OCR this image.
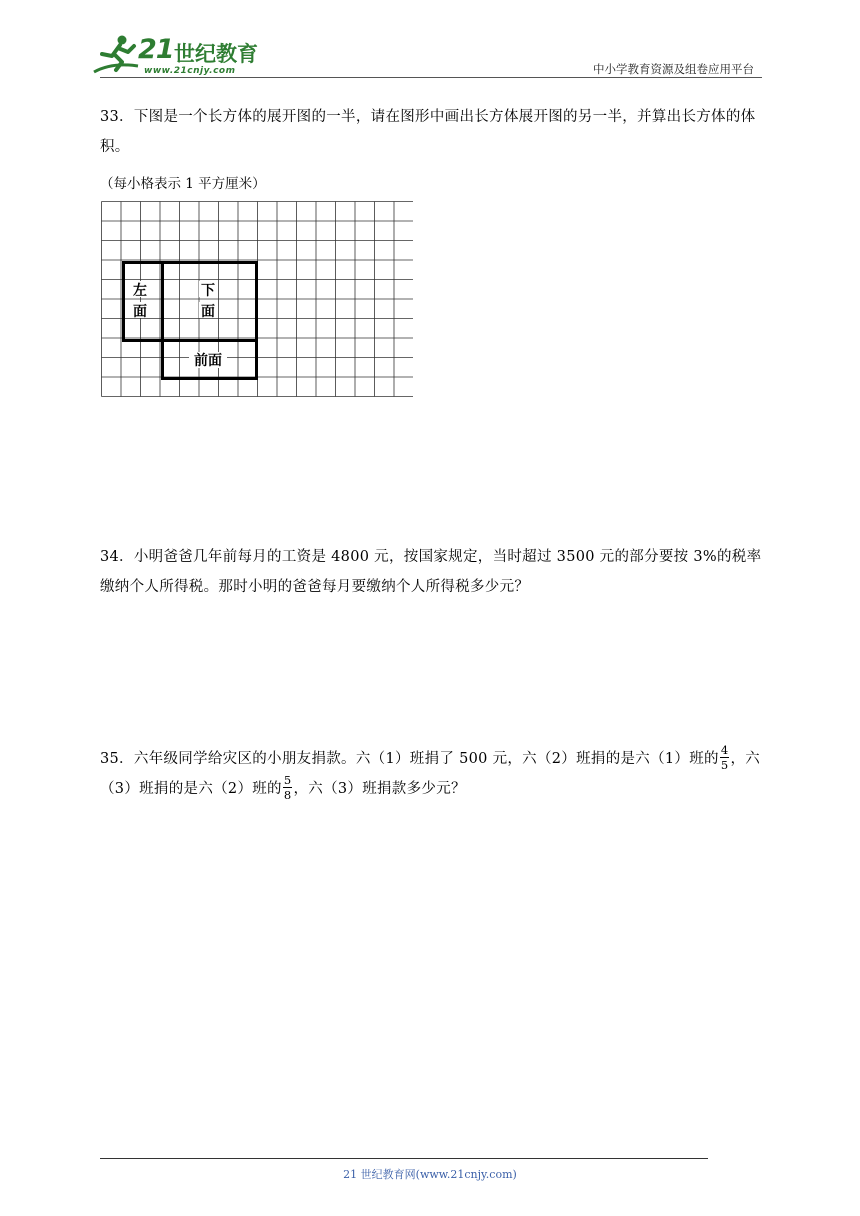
21 世纪教育
www.21cnjy.com	中小学教育资源及组卷应用平台
33．下图是一个长方体的展开图的一半，请在图形中画出长方体展开图的另一半，并算出长方体的体积。
（每小格表示 1 平方厘米）
左
面
下
面
前面
34．小明爸爸几年前每月的工资是 4800 元，按国家规定，当时超过 3500 元的部分要按 3%的税率缴纳个人所得税。那时小明的爸爸每月要缴纳个人所得税多少元？
35．六年级同学给灾区的小朋友捐款。六（1）班捐了 500 元，六（2）班捐的是六（1）班的 $\frac{4}{5}$ ，六（3）班捐的是六（2）班的 $\frac{5}{8}$ ，六（3）班捐款多少元？
21 世纪教育网(www.21cnjy.com)
